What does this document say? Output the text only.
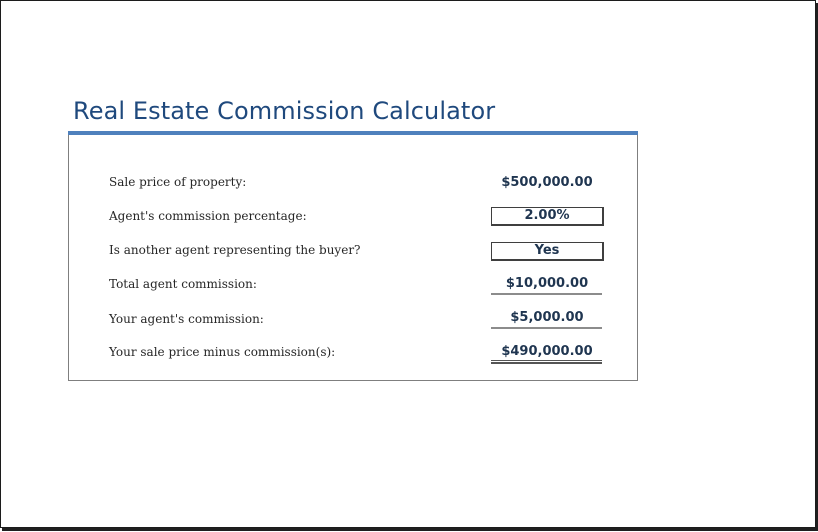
Real Estate Commission Calculator
Sale price of property:	$500,000.00
Agent's commission percentage:	2.00%
Is another agent representing the buyer?	Yes
Total agent commission:	$10,000.00
Your agent's commission:	$5,000.00
Your sale price minus commission(s):	$490,000.00
